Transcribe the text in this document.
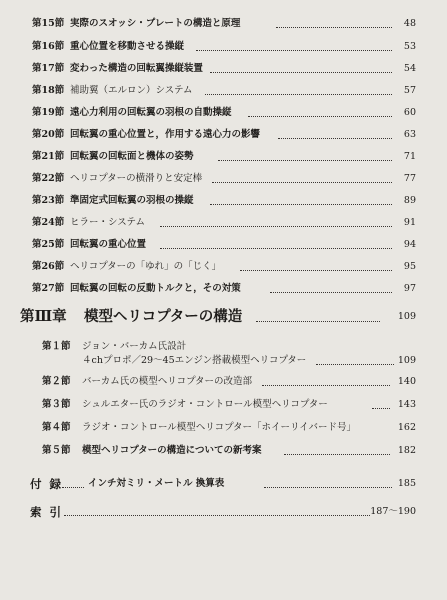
第15節 実際のスオッシ・プレートの構造と原理	48
第16節 重心位置を移動させる操縦	53
第17節 変わった構造の回転翼操縦装置	54
第18節 補助翼（エルロン）システム	57
第19節 遠心力利用の回転翼の羽根の自動操縦	60
第20節 回転翼の重心位置と，作用する遠心力の影響	63
第21節 回転翼の回転面と機体の姿勢	71
第22節 ヘリコプターの横滑りと安定棒	77
第23節 準固定式回転翼の羽根の操縦	89
第24節 ヒラー・システム	91
第25節 回転翼の重心位置	94
第26節 ヘリコプターの「ゆれ」の「じく」	95
第27節 回転翼の回転の反動トルクと，その対策	97
第Ⅲ章 模型ヘリコプターの構造	109
第１節 ジョン・バーカム氏設計
４chプロポ／29〜45エンジン搭載模型ヘリコプター	109
第２節 バーカム氏の模型ヘリコプターの改造部	140
第３節 シュルエター氏のラジオ・コントロール模型ヘリコプター	143
第４節 ラジオ・コントロール模型ヘリコプター「ホイーリイバード号」	162
第５節 模型ヘリコプターの構造についての新考案	182
付録 インチ対ミリ・メートル 換算表	185
索引	187〜190
